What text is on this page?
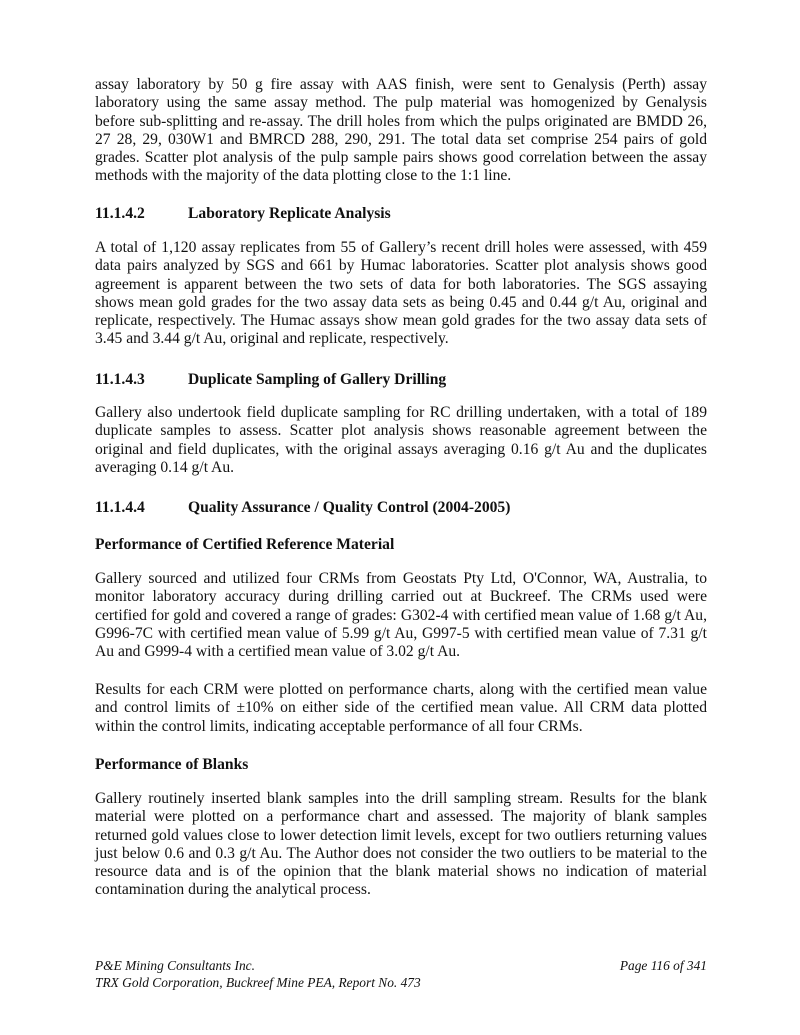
assay laboratory by 50 g fire assay with AAS finish, were sent to Genalysis (Perth) assay laboratory using the same assay method. The pulp material was homogenized by Genalysis before sub-splitting and re-assay. The drill holes from which the pulps originated are BMDD 26, 27 28, 29, 030W1 and BMRCD 288, 290, 291. The total data set comprise 254 pairs of gold grades. Scatter plot analysis of the pulp sample pairs shows good correlation between the assay methods with the majority of the data plotting close to the 1:1 line.

11.1.4.2	Laboratory Replicate Analysis

A total of 1,120 assay replicates from 55 of Gallery’s recent drill holes were assessed, with 459 data pairs analyzed by SGS and 661 by Humac laboratories. Scatter plot analysis shows good agreement is apparent between the two sets of data for both laboratories. The SGS assaying shows mean gold grades for the two assay data sets as being 0.45 and 0.44 g/t Au, original and replicate, respectively. The Humac assays show mean gold grades for the two assay data sets of 3.45 and 3.44 g/t Au, original and replicate, respectively.

11.1.4.3	Duplicate Sampling of Gallery Drilling

Gallery also undertook field duplicate sampling for RC drilling undertaken, with a total of 189 duplicate samples to assess. Scatter plot analysis shows reasonable agreement between the original and field duplicates, with the original assays averaging 0.16 g/t Au and the duplicates averaging 0.14 g/t Au.

11.1.4.4	Quality Assurance / Quality Control (2004-2005)

Performance of Certified Reference Material

Gallery sourced and utilized four CRMs from Geostats Pty Ltd, O'Connor, WA, Australia, to monitor laboratory accuracy during drilling carried out at Buckreef. The CRMs used were certified for gold and covered a range of grades: G302-4 with certified mean value of 1.68 g/t Au, G996-7C with certified mean value of 5.99 g/t Au, G997-5 with certified mean value of 7.31 g/t Au and G999-4 with a certified mean value of 3.02 g/t Au.

Results for each CRM were plotted on performance charts, along with the certified mean value and control limits of ±10% on either side of the certified mean value. All CRM data plotted within the control limits, indicating acceptable performance of all four CRMs.

Performance of Blanks

Gallery routinely inserted blank samples into the drill sampling stream. Results for the blank material were plotted on a performance chart and assessed. The majority of blank samples returned gold values close to lower detection limit levels, except for two outliers returning values just below 0.6 and 0.3 g/t Au. The Author does not consider the two outliers to be material to the resource data and is of the opinion that the blank material shows no indication of material contamination during the analytical process.

P&E Mining Consultants Inc.	Page 116 of 341
TRX Gold Corporation, Buckreef Mine PEA, Report No. 473
